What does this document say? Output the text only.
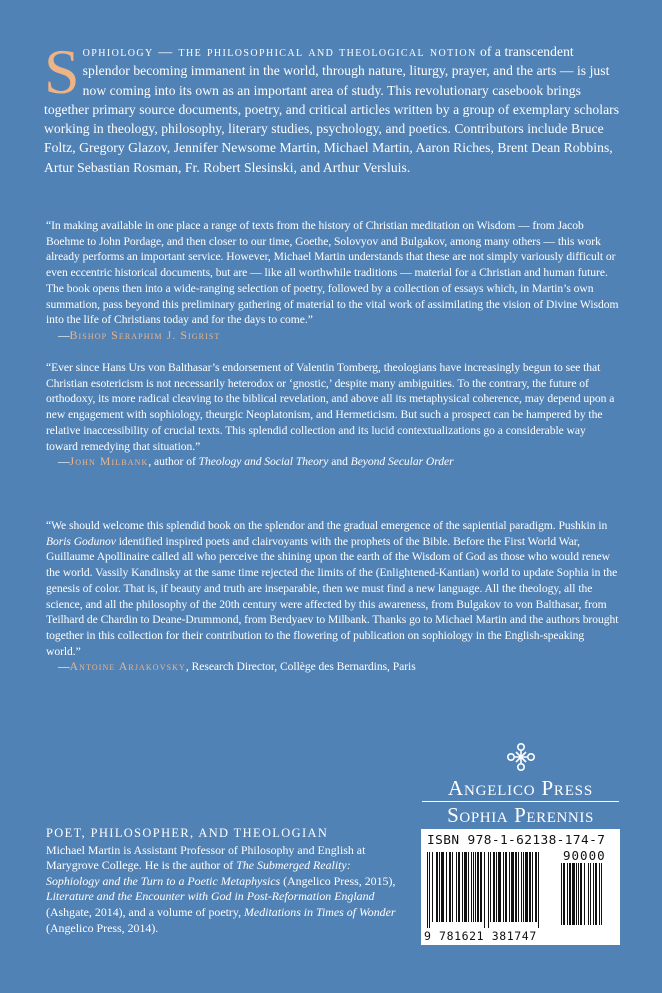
Sophiology — the philosophical and theological notion of a transcendent splendor becoming immanent in the world, through nature, liturgy, prayer, and the arts — is just now coming into its own as an important area of study. This revolutionary casebook brings together primary source documents, poetry, and critical articles written by a group of exemplary scholars working in theology, philosophy, literary studies, psychology, and poetics. Contributors include Bruce Foltz, Gregory Glazov, Jennifer Newsome Martin, Michael Martin, Aaron Riches, Brent Dean Robbins, Artur Sebastian Rosman, Fr. Robert Slesinski, and Arthur Versluis.
“In making available in one place a range of texts from the history of Christian meditation on Wisdom — from Jacob Boehme to John Pordage, and then closer to our time, Goethe, Solovyov and Bulgakov, among many others — this work already performs an important service. However, Michael Martin understands that these are not simply variously difficult or even eccentric historical documents, but are — like all worthwhile traditions — material for a Christian and human future. The book opens then into a wide-ranging selection of poetry, followed by a collection of essays which, in Martin’s own summation, pass beyond this preliminary gathering of material to the vital work of assimilating the vision of Divine Wisdom into the life of Christians today and for the days to come.”
—Bishop Seraphim J. Sigrist
“Ever since Hans Urs von Balthasar’s endorsement of Valentin Tomberg, theologians have increasingly begun to see that Christian esotericism is not necessarily heterodox or ‘gnostic,’ despite many ambiguities. To the contrary, the future of orthodoxy, its more radical cleaving to the biblical revelation, and above all its metaphysical coherence, may depend upon a new engagement with sophiology, theurgic Neoplatonism, and Hermeticism. But such a prospect can be hampered by the relative inaccessibility of crucial texts. This splendid collection and its lucid contextualizations go a considerable way toward remedying that situation.”
—John Milbank, author of Theology and Social Theory and Beyond Secular Order
“We should welcome this splendid book on the splendor and the gradual emergence of the sapiential paradigm. Pushkin in Boris Godunov identified inspired poets and clairvoyants with the prophets of the Bible. Before the First World War, Guillaume Apollinaire called all who perceive the shining upon the earth of the Wisdom of God as those who would renew the world. Vassily Kandinsky at the same time rejected the limits of the (Enlightened-Kantian) world to update Sophia in the genesis of color. That is, if beauty and truth are inseparable, then we must find a new language. All the theology, all the science, and all the philosophy of the 20th century were affected by this awareness, from Bulgakov to von Balthasar, from Teilhard de Chardin to Deane-Drummond, from Berdyaev to Milbank. Thanks go to Michael Martin and the authors brought together in this collection for their contribution to the flowering of publication on sophiology in the English-speaking world.”
—Antoine Arjakovsky, Research Director, Collège des Bernardins, Paris
Angelico Press
Sophia Perennis
POET, PHILOSOPHER, AND THEOLOGIAN
Michael Martin is Assistant Professor of Philosophy and English at Marygrove College. He is the author of The Submerged Reality: Sophiology and the Turn to a Poetic Metaphysics (Angelico Press, 2015), Literature and the Encounter with God in Post-Reformation England (Ashgate, 2014), and a volume of poetry, Meditations in Times of Wonder (Angelico Press, 2014).
ISBN 978-1-62138-174-7
90000
9 781621 381747
